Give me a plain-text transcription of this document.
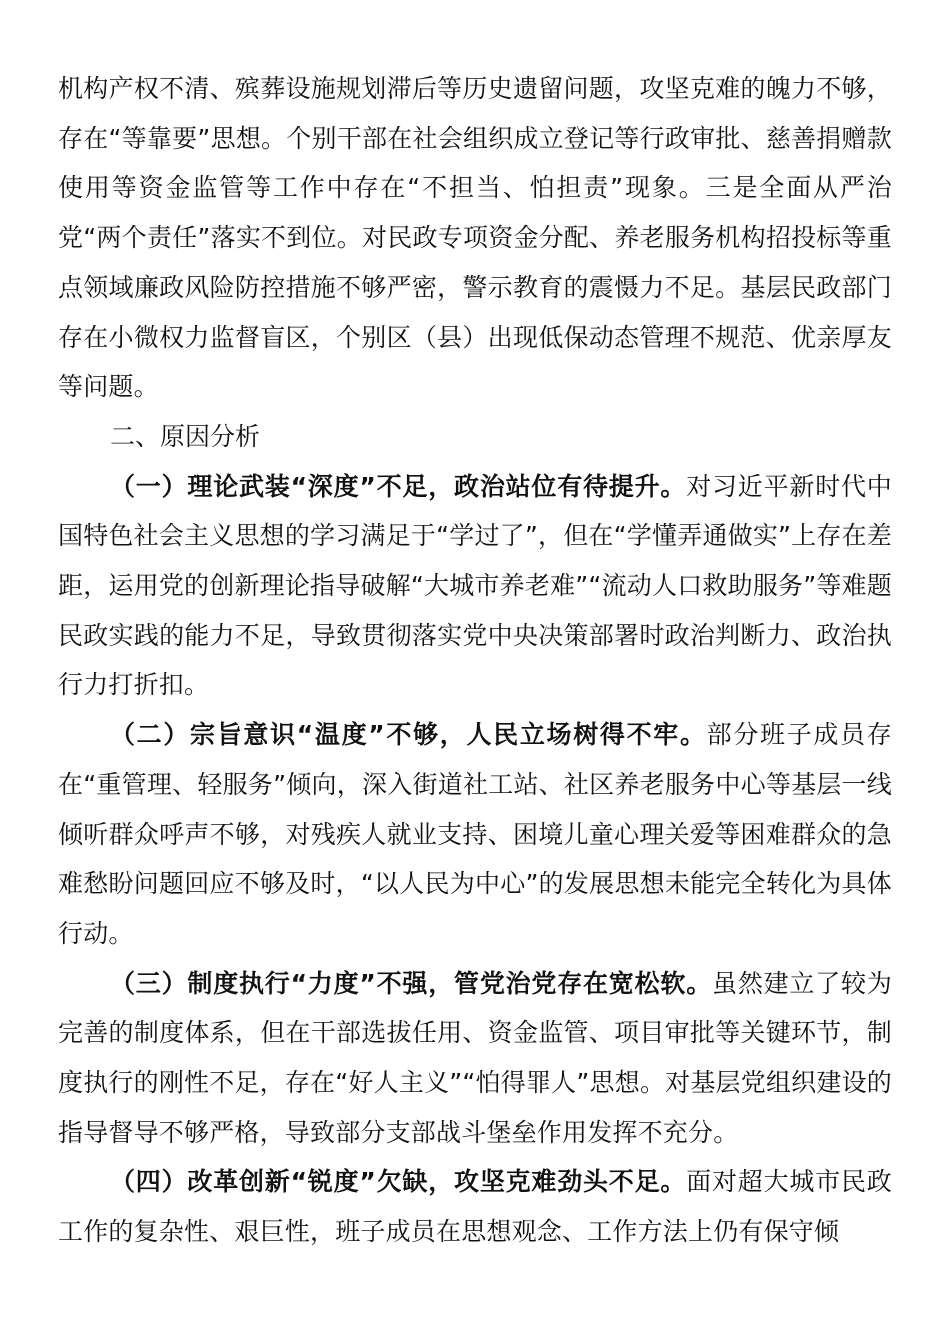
机构产权不清、殡葬设施规划滞后等历史遗留问题，攻坚克难的魄力不够，存在“等靠要”思想。个别干部在社会组织成立登记等行政审批、慈善捐赠款使用等资金监管等工作中存在“不担当、怕担责”现象。三是全面从严治党“两个责任”落实不到位。对民政专项资金分配、养老服务机构招投标等重点领域廉政风险防控措施不够严密，警示教育的震慑力不足。基层民政部门存在小微权力监督盲区，个别区（县）出现低保动态管理不规范、优亲厚友等问题。

二、原因分析

（一）理论武装“深度”不足，政治站位有待提升。对习近平新时代中国特色社会主义思想的学习满足于“学过了”，但在“学懂弄通做实”上存在差距，运用党的创新理论指导破解“大城市养老难”“流动人口救助服务”等难题民政实践的能力不足，导致贯彻落实党中央决策部署时政治判断力、政治执行力打折扣。

（二）宗旨意识“温度”不够，人民立场树得不牢。部分班子成员存在“重管理、轻服务”倾向，深入街道社工站、社区养老服务中心等基层一线倾听群众呼声不够，对残疾人就业支持、困境儿童心理关爱等困难群众的急难愁盼问题回应不够及时，“以人民为中心”的发展思想未能完全转化为具体行动。

（三）制度执行“力度”不强，管党治党存在宽松软。虽然建立了较为完善的制度体系，但在干部选拔任用、资金监管、项目审批等关键环节，制度执行的刚性不足，存在“好人主义”“怕得罪人”思想。对基层党组织建设的指导督导不够严格，导致部分支部战斗堡垒作用发挥不充分。

（四）改革创新“锐度”欠缺，攻坚克难劲头不足。面对超大城市民政工作的复杂性、艰巨性，班子成员在思想观念、工作方法上仍有保守倾
